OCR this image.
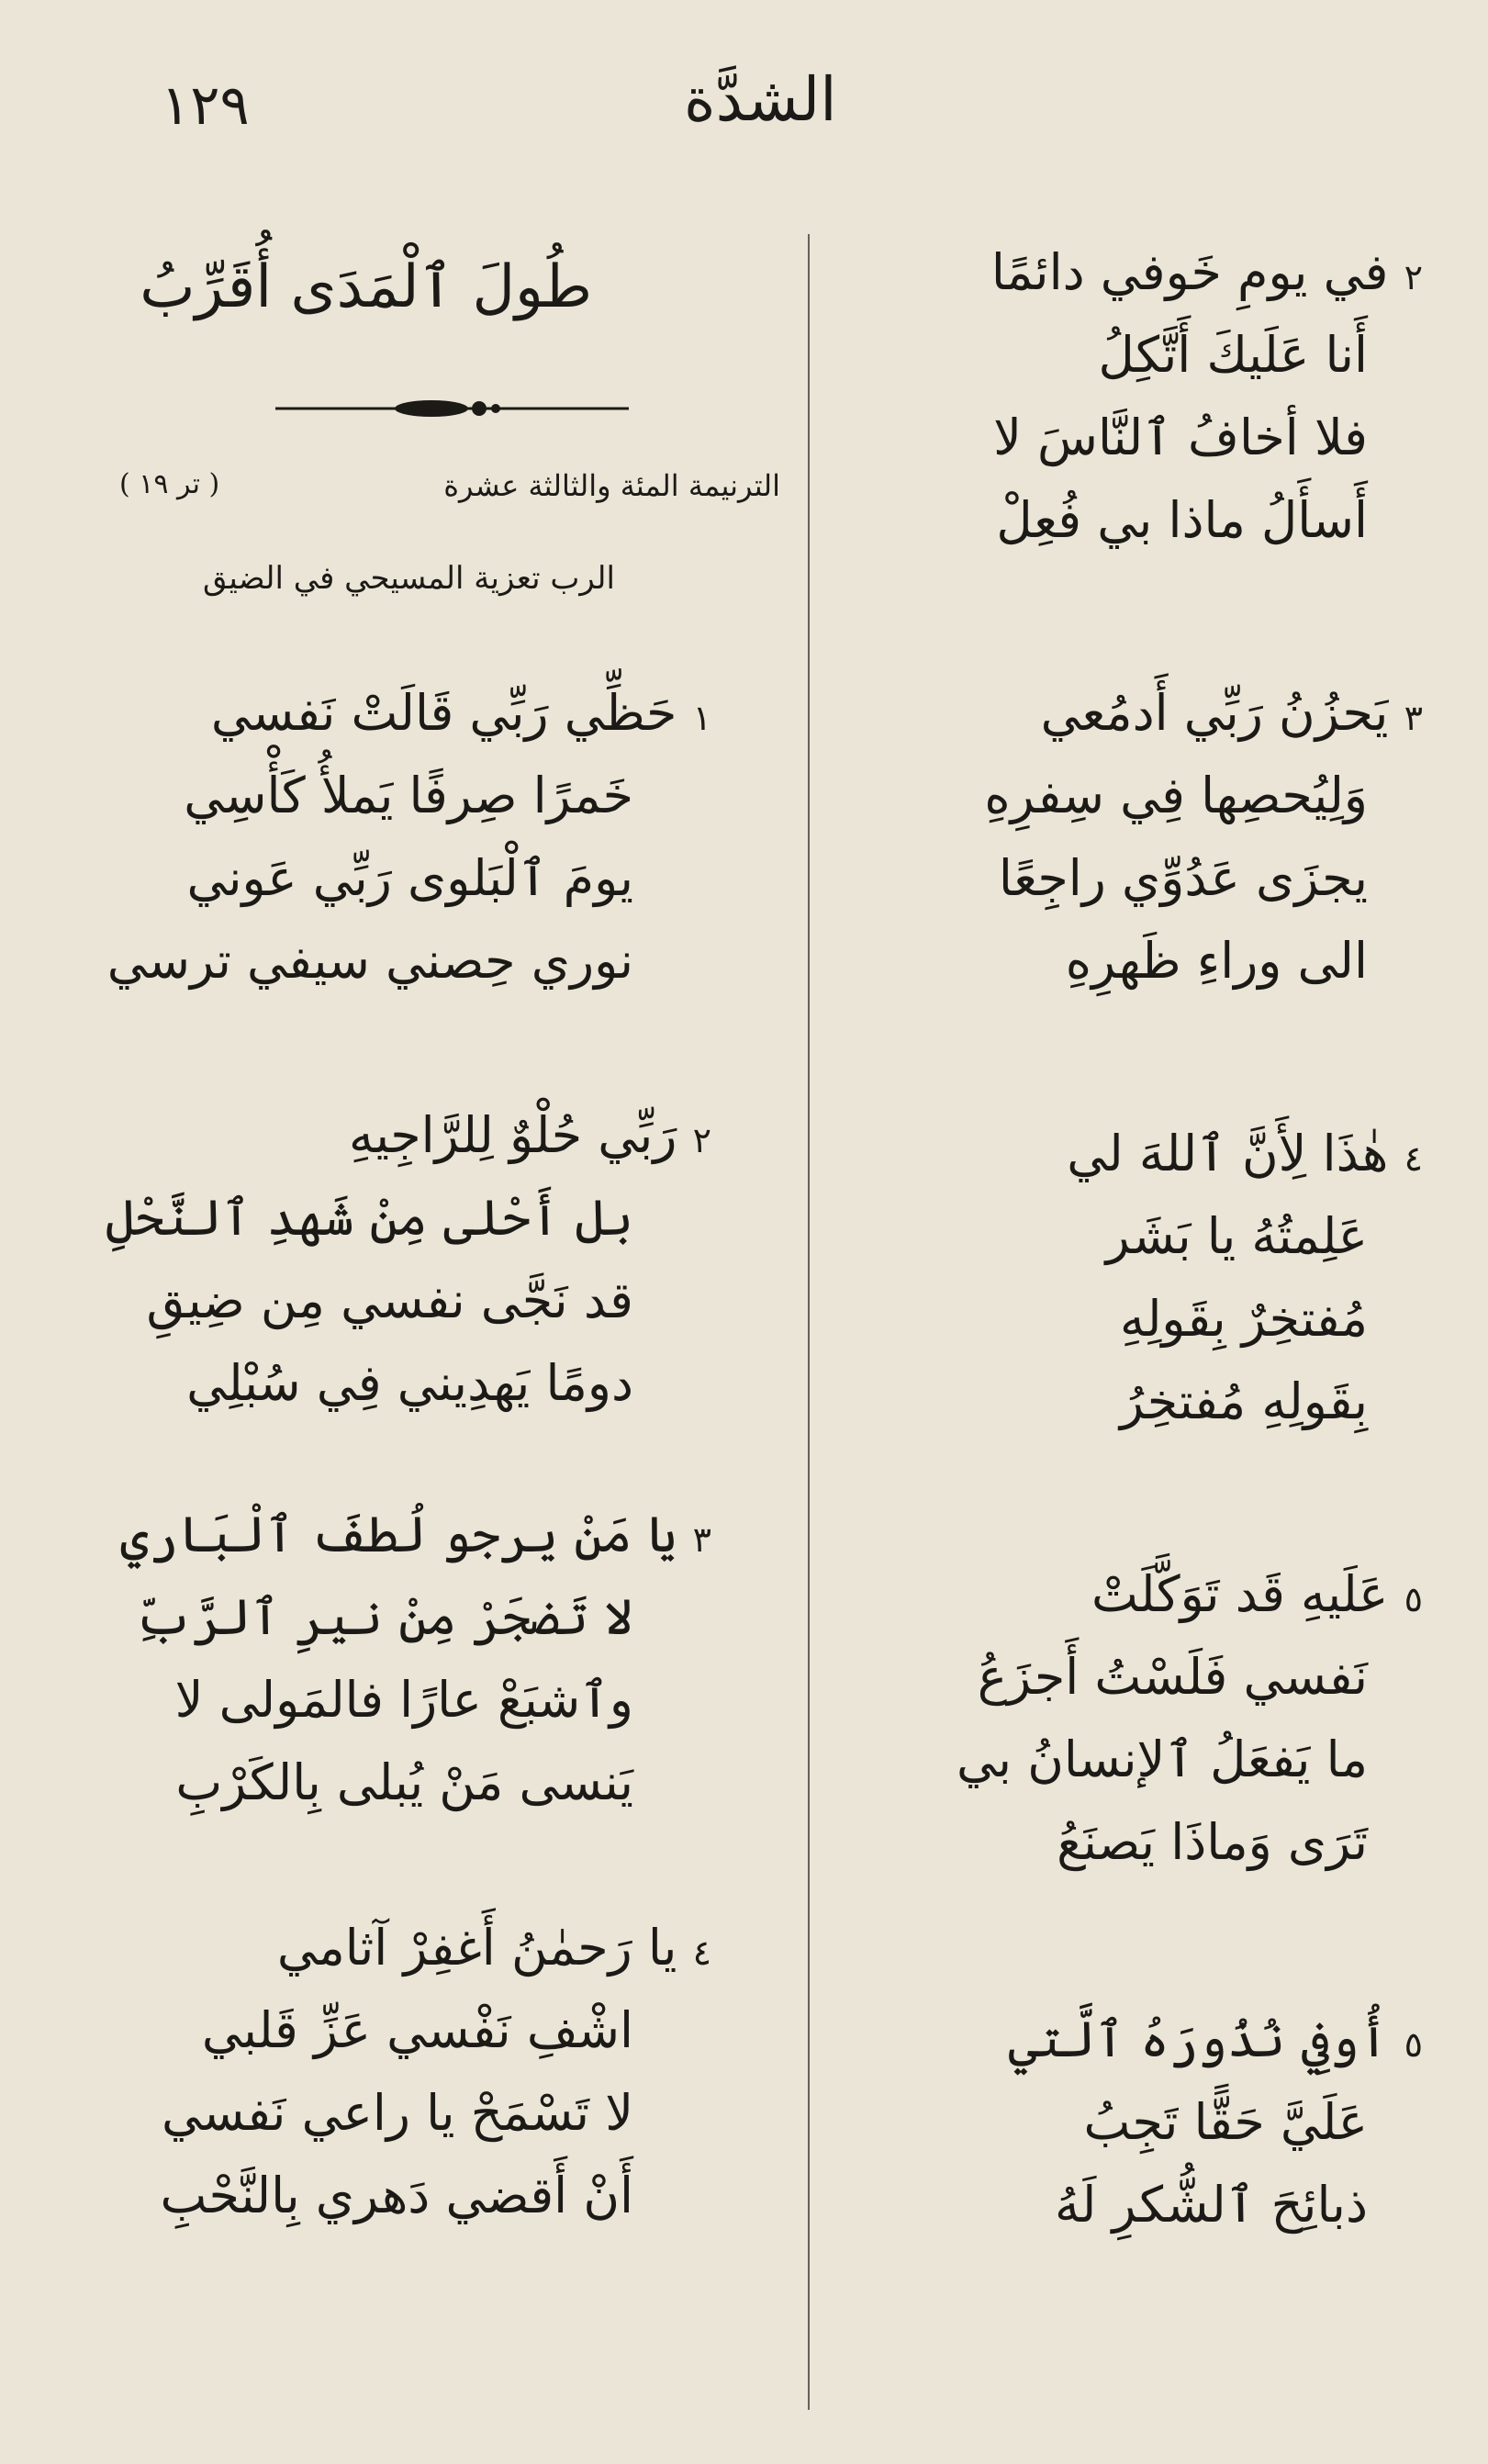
١٢٩	الشدَّة
٢ في يومِ خَوفي دائمًا
أَنا عَلَيكَ أَتَّكِلُ
فلا أخافُ ٱلنَّاسَ لا
أَسأَلُ ماذا بي فُعِلْ
٣ يَحزُنُ رَبِّي أَدمُعي
وَلِيُحصِها فِي سِفرِهِ
يجزَى عَدُوِّي راجِعًا
الى وراءِ ظَهرِهِ
٤ هٰذَا لِأَنَّ ٱللهَ لي
عَلِمتُهُ يا بَشَر
مُفتخِرٌ بِقَولِهِ
بِقَولِهِ مُفتخِرُ
٥ عَلَيهِ قَد تَوَكَّلَتْ
نَفسي فَلَسْتُ أَجزَعُ
ما يَفعَلُ ٱلإنسانُ بي
تَرَى وَماذَا يَصنَعُ
٥ أُوفِي نُذُورَهُ ٱلَّتي
عَلَيَّ حَقًّا تَجِبُ
ذبائِحَ ٱلشُّكرِ لَهُ
طُولَ ٱلْمَدَى أُقَرِّبُ
الترنيمة المئة والثالثة عشرة
( تر ١٩ )
الرب تعزية المسيحي في الضيق
١ حَظِّي رَبِّي قَالَتْ نَفسي
خَمرًا صِرفًا يَملأُ كَأْسِي
يومَ ٱلْبَلوى رَبِّي عَوني
نوري حِصني سيفي ترسي
٢ رَبِّي حُلْوٌ لِلرَّاجِيهِ
بل أَحْلى مِنْ شَهدِ ٱلنَّحْلِ
قد نَجَّى نفسي مِن ضِيقِ
دومًا يَهدِيني فِي سُبْلِي
٣ يا مَنْ يرجو لُطفَ ٱلْبَاري
لا تَضجَرْ مِنْ نيرِ ٱلرَّبِّ
وٱشبَعْ عارًا فالمَولى لا
يَنسى مَنْ يُبلى بِالكَرْبِ
٤ يا رَحمٰنُ أَغفِرْ آثامي
اشْفِ نَفْسي عَزِّ قَلبي
لا تَسْمَحْ يا راعي نَفسي
أَنْ أَقضي دَهري بِالنَّحْبِ
